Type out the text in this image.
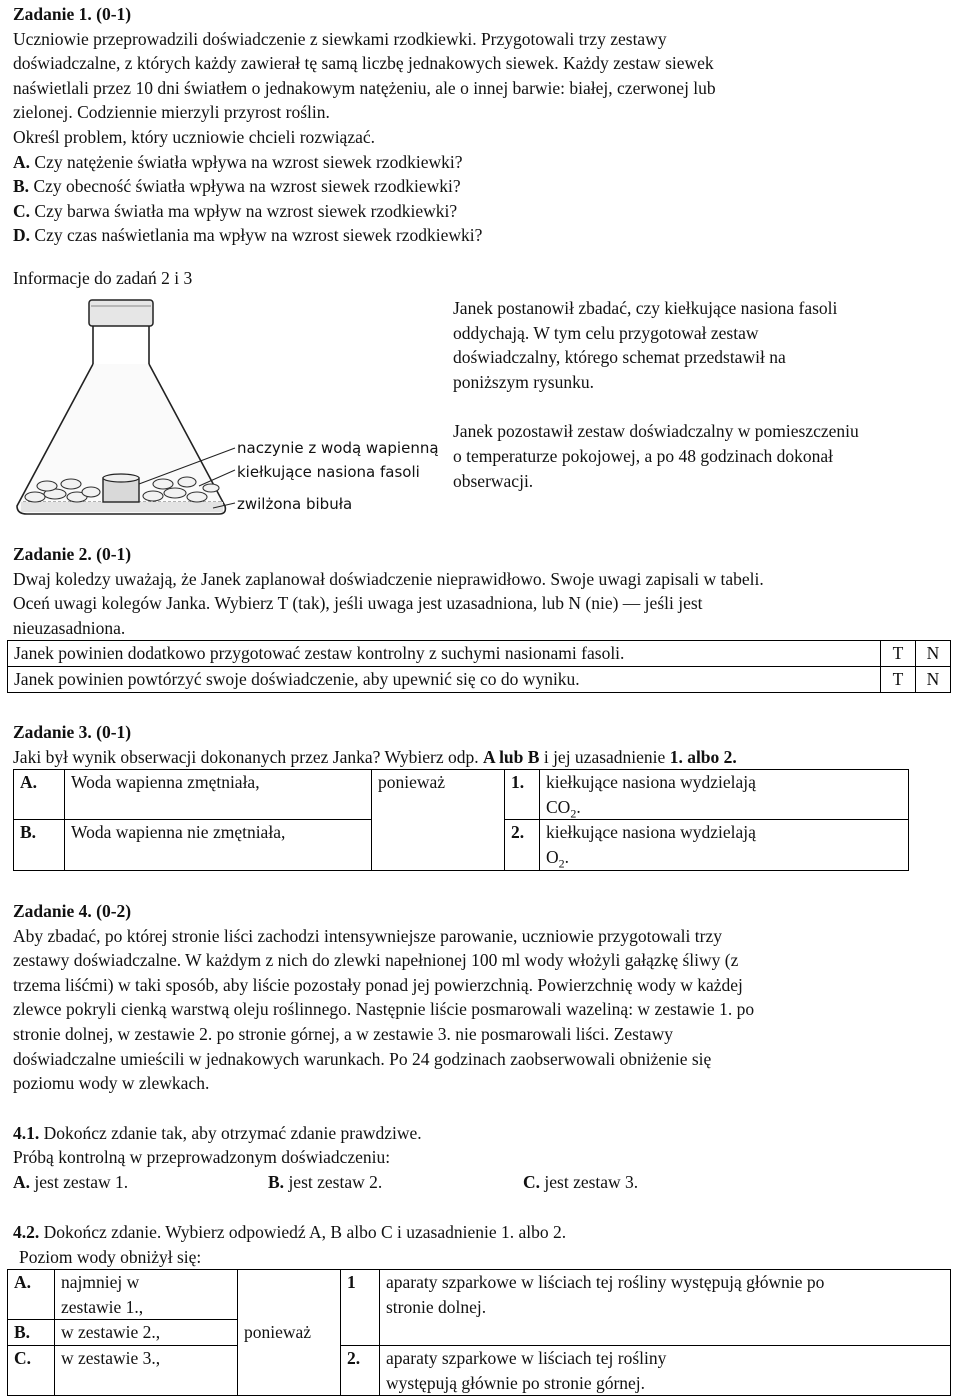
Zadanie 1. (0-1)

Uczniowie przeprowadzili doświadczenie z siewkami rzodkiewki. Przygotowali trzy zestawy
doświadczalne, z których każdy zawierał tę samą liczbę jednakowych siewek. Każdy zestaw siewek
naświetlali przez 10 dni światłem o jednakowym natężeniu, ale o innej barwie: białej, czerwonej lub
zielonej. Codziennie mierzyli przyrost roślin.

Określ problem, który uczniowie chcieli rozwiązać.

A. Czy natężenie światła wpływa na wzrost siewek rzodkiewki?

B. Czy obecność światła wpływa na wzrost siewek rzodkiewki?

C. Czy barwa światła ma wpływ na wzrost siewek rzodkiewki?

D. Czy czas naświetlania ma wpływ na wzrost siewek rzodkiewki?

Informacje do zadań 2 i 3

naczynie z wodą wapienną
kiełkujące nasiona fasoli
zwilżona bibuła

Janek postanowił zbadać, czy kiełkujące nasiona fasoli
oddychają. W tym celu przygotował zestaw
doświadczalny, którego schemat przedstawił na
poniższym rysunku.

Janek pozostawił zestaw doświadczalny w pomieszczeniu
o temperaturze pokojowej, a po 48 godzinach dokonał
obserwacji.

Zadanie 2. (0-1)

Dwaj koledzy uważają, że Janek zaplanował doświadczenie nieprawidłowo. Swoje uwagi zapisali w tabeli.
Oceń uwagi kolegów Janka. Wybierz T (tak), jeśli uwaga jest uzasadniona, lub N (nie) — jeśli jest
nieuzasadniona.

Janek powinien dodatkowo przygotować zestaw kontrolny z suchymi nasionami fasoli.	T	N
Janek powinien powtórzyć swoje doświadczenie, aby upewnić się co do wyniku.	T	N

Zadanie 3. (0-1)

Jaki był wynik obserwacji dokonanych przez Janka? Wybierz odp. A lub B i jej uzasadnienie 1. albo 2.

A.	Woda wapienna zmętniała,	ponieważ	1.	kiełkujące nasiona wydzielają
$CO_2$.
B.	Woda wapienna nie zmętniała,		2.	kiełkujące nasiona wydzielają
$O_2$.

Zadanie 4. (0-2)

Aby zbadać, po której stronie liści zachodzi intensywniejsze parowanie, uczniowie przygotowali trzy
zestawy doświadczalne. W każdym z nich do zlewki napełnionej 100 ml wody włożyli gałązkę śliwy (z
trzema liśćmi) w taki sposób, aby liście pozostały ponad jej powierzchnią. Powierzchnię wody w każdej
zlewce pokryli cienką warstwą oleju roślinnego. Następnie liście posmarowali wazeliną: w zestawie 1. po
stronie dolnej, w zestawie 2. po stronie górnej, a w zestawie 3. nie posmarowali liści. Zestawy
doświadczalne umieścili w jednakowych warunkach. Po 24 godzinach zaobserwowali obniżenie się
poziomu wody w zlewkach.

4.1. Dokończ zdanie tak, aby otrzymać zdanie prawdziwe.

Próbą kontrolną w przeprowadzonym doświadczeniu:

A. jest zestaw 1.	B. jest zestaw 2.	C. jest zestaw 3.

4.2. Dokończ zdanie. Wybierz odpowiedź A, B albo C i uzasadnienie 1. albo 2.

Poziom wody obniżył się:

A.	najmniej w
zestawie 1.,	ponieważ	1	aparaty szparkowe w liściach tej rośliny występują głównie po
stronie dolnej.
B.	w zestawie 2.,			
C.	w zestawie 3.,		2.	aparaty szparkowe w liściach tej rośliny
występują głównie po stronie górnej.
